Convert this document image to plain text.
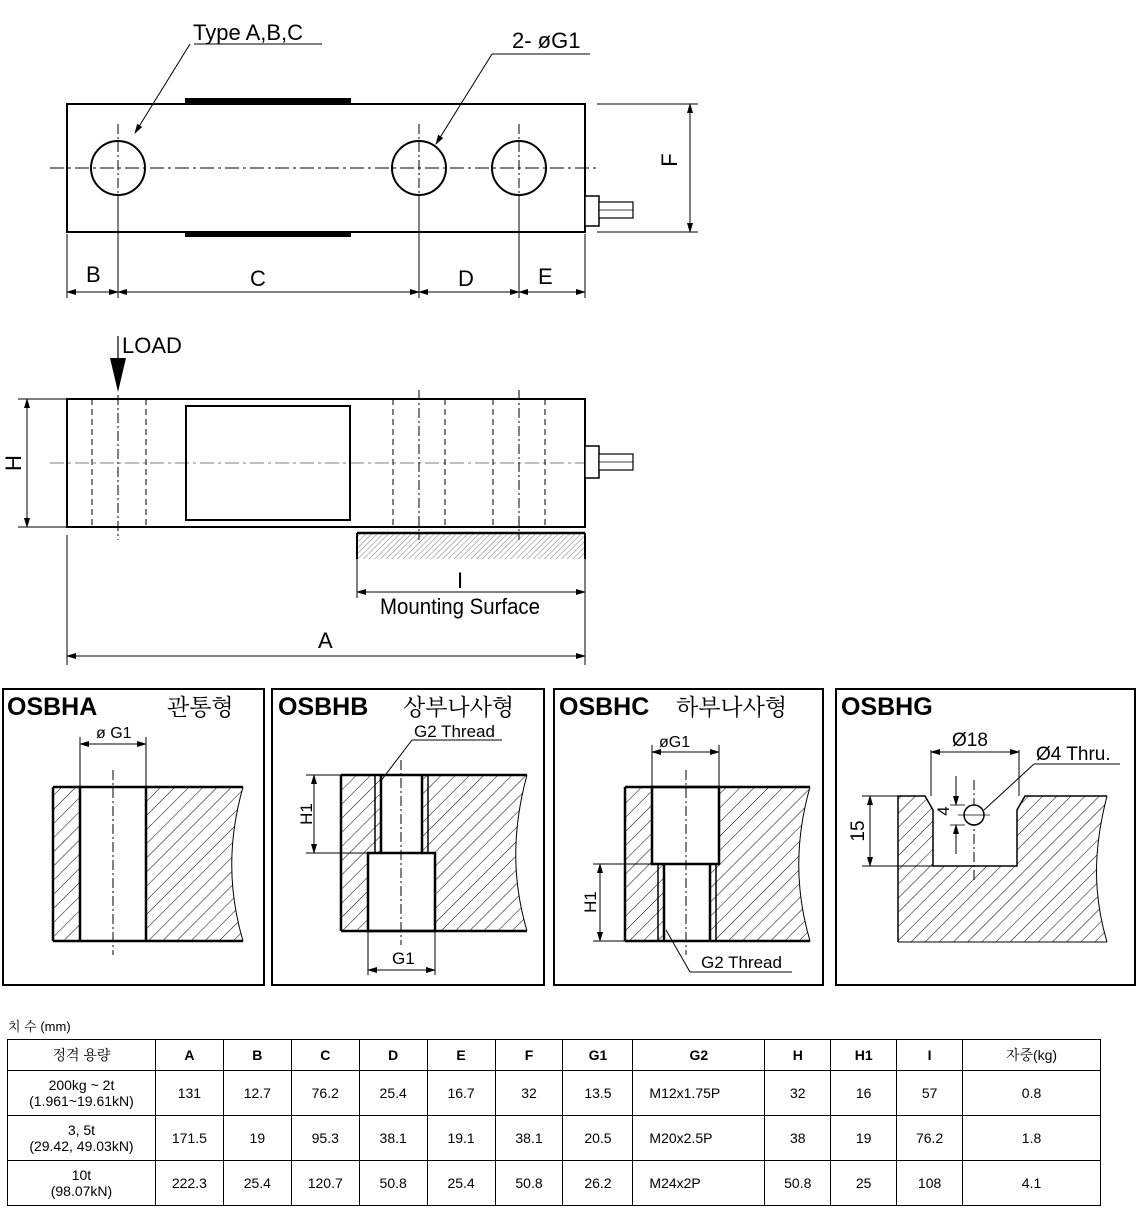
Type A,B,C	2- øG1
B	C	D	E
F
LOAD
H
I
Mounting Surface
A
OSBHA	관통형
ø G1
OSBHB 상부나사형
G2 Thread
H1
G1
OSBHC 하부나사형
øG1
H1
G2 Thread
OSBHG
Ø18
Ø4 Thru.
4
15
치 수 (mm)
정격 용량	A	B	C	D	E	F	G1	G2	H	H1	I	자중(kg)
200kg ~ 2t
(1.961~19.61kN)	131	12.7	76.2	25.4	16.7	32	13.5	M12x1.75P	32	16	57	0.8
3, 5t
(29.42, 49.03kN)	171.5	19	95.3	38.1	19.1	38.1	20.5	M20x2.5P	38	19	76.2	1.8
10t
(98.07kN)	222.3	25.4	120.7	50.8	25.4	50.8	26.2	M24x2P	50.8	25	108	4.1
